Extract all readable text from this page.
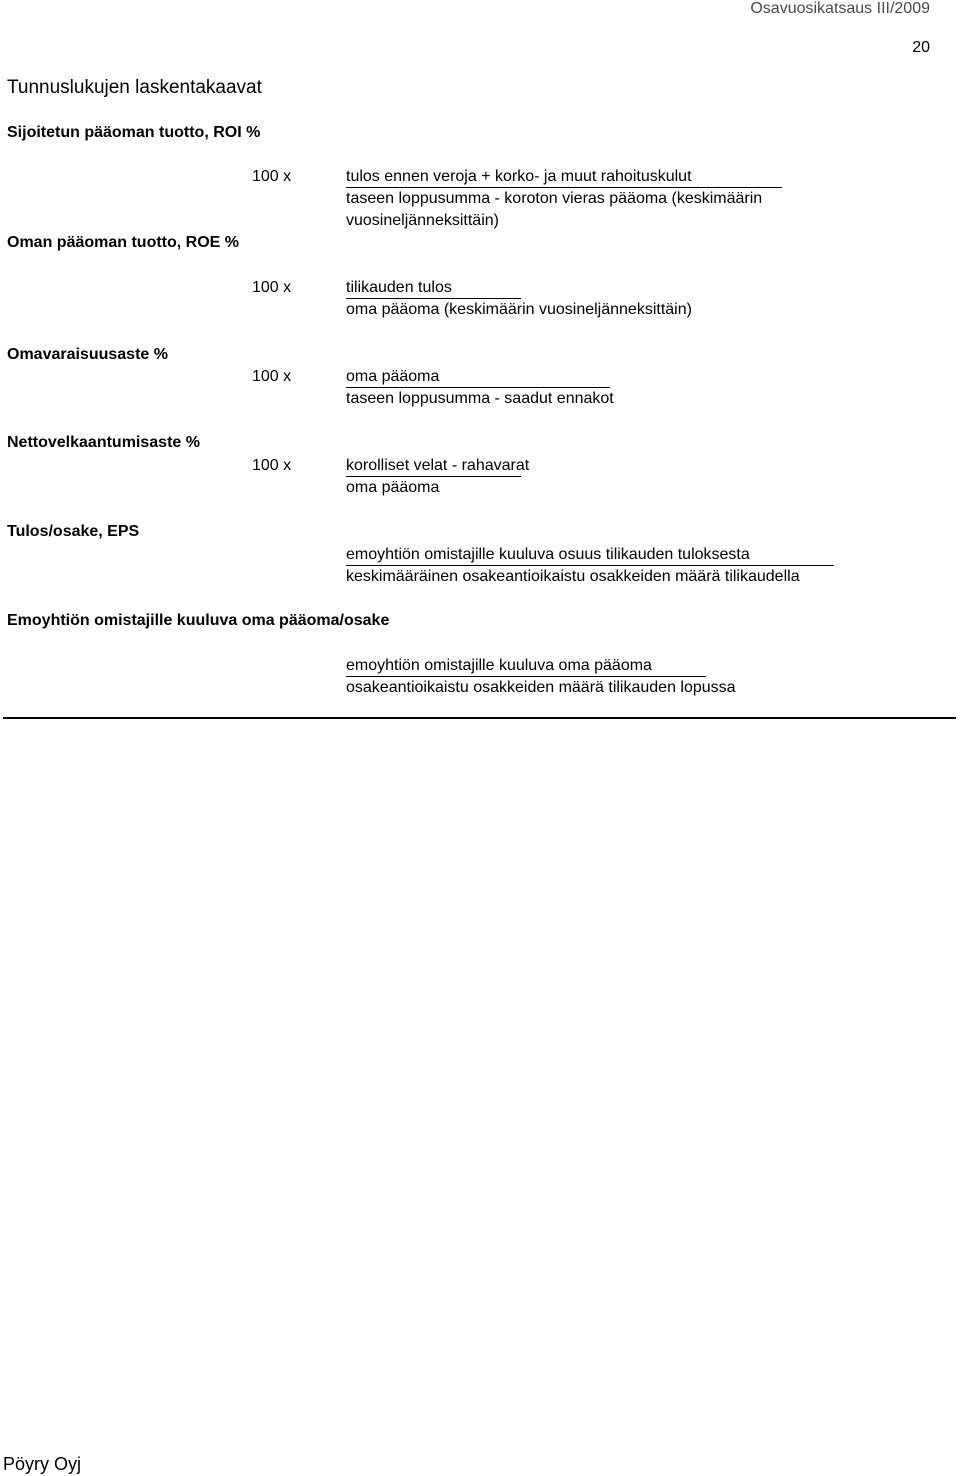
Osavuosikatsaus III/2009
20
Tunnuslukujen laskentakaavat
Sijoitetun pääoman tuotto, ROI %
100 x	tulos ennen veroja + korko- ja muut rahoituskulut
taseen loppusumma - koroton vieras pääoma (keskimäärin
vuosineljänneksittäin)
Oman pääoman tuotto, ROE %
100 x	tilikauden tulos
oma pääoma (keskimäärin vuosineljänneksittäin)
Omavaraisuusaste %
100 x	oma pääoma
taseen loppusumma - saadut ennakot
Nettovelkaantumisaste %
100 x	korolliset velat - rahavarat
oma pääoma
Tulos/osake, EPS
emoyhtiön omistajille kuuluva osuus tilikauden tuloksesta
keskimääräinen osakeantioikaistu osakkeiden määrä tilikaudella
Emoyhtiön omistajille kuuluva oma pääoma/osake
emoyhtiön omistajille kuuluva oma pääoma
osakeantioikaistu osakkeiden määrä tilikauden lopussa
Pöyry Oyj
